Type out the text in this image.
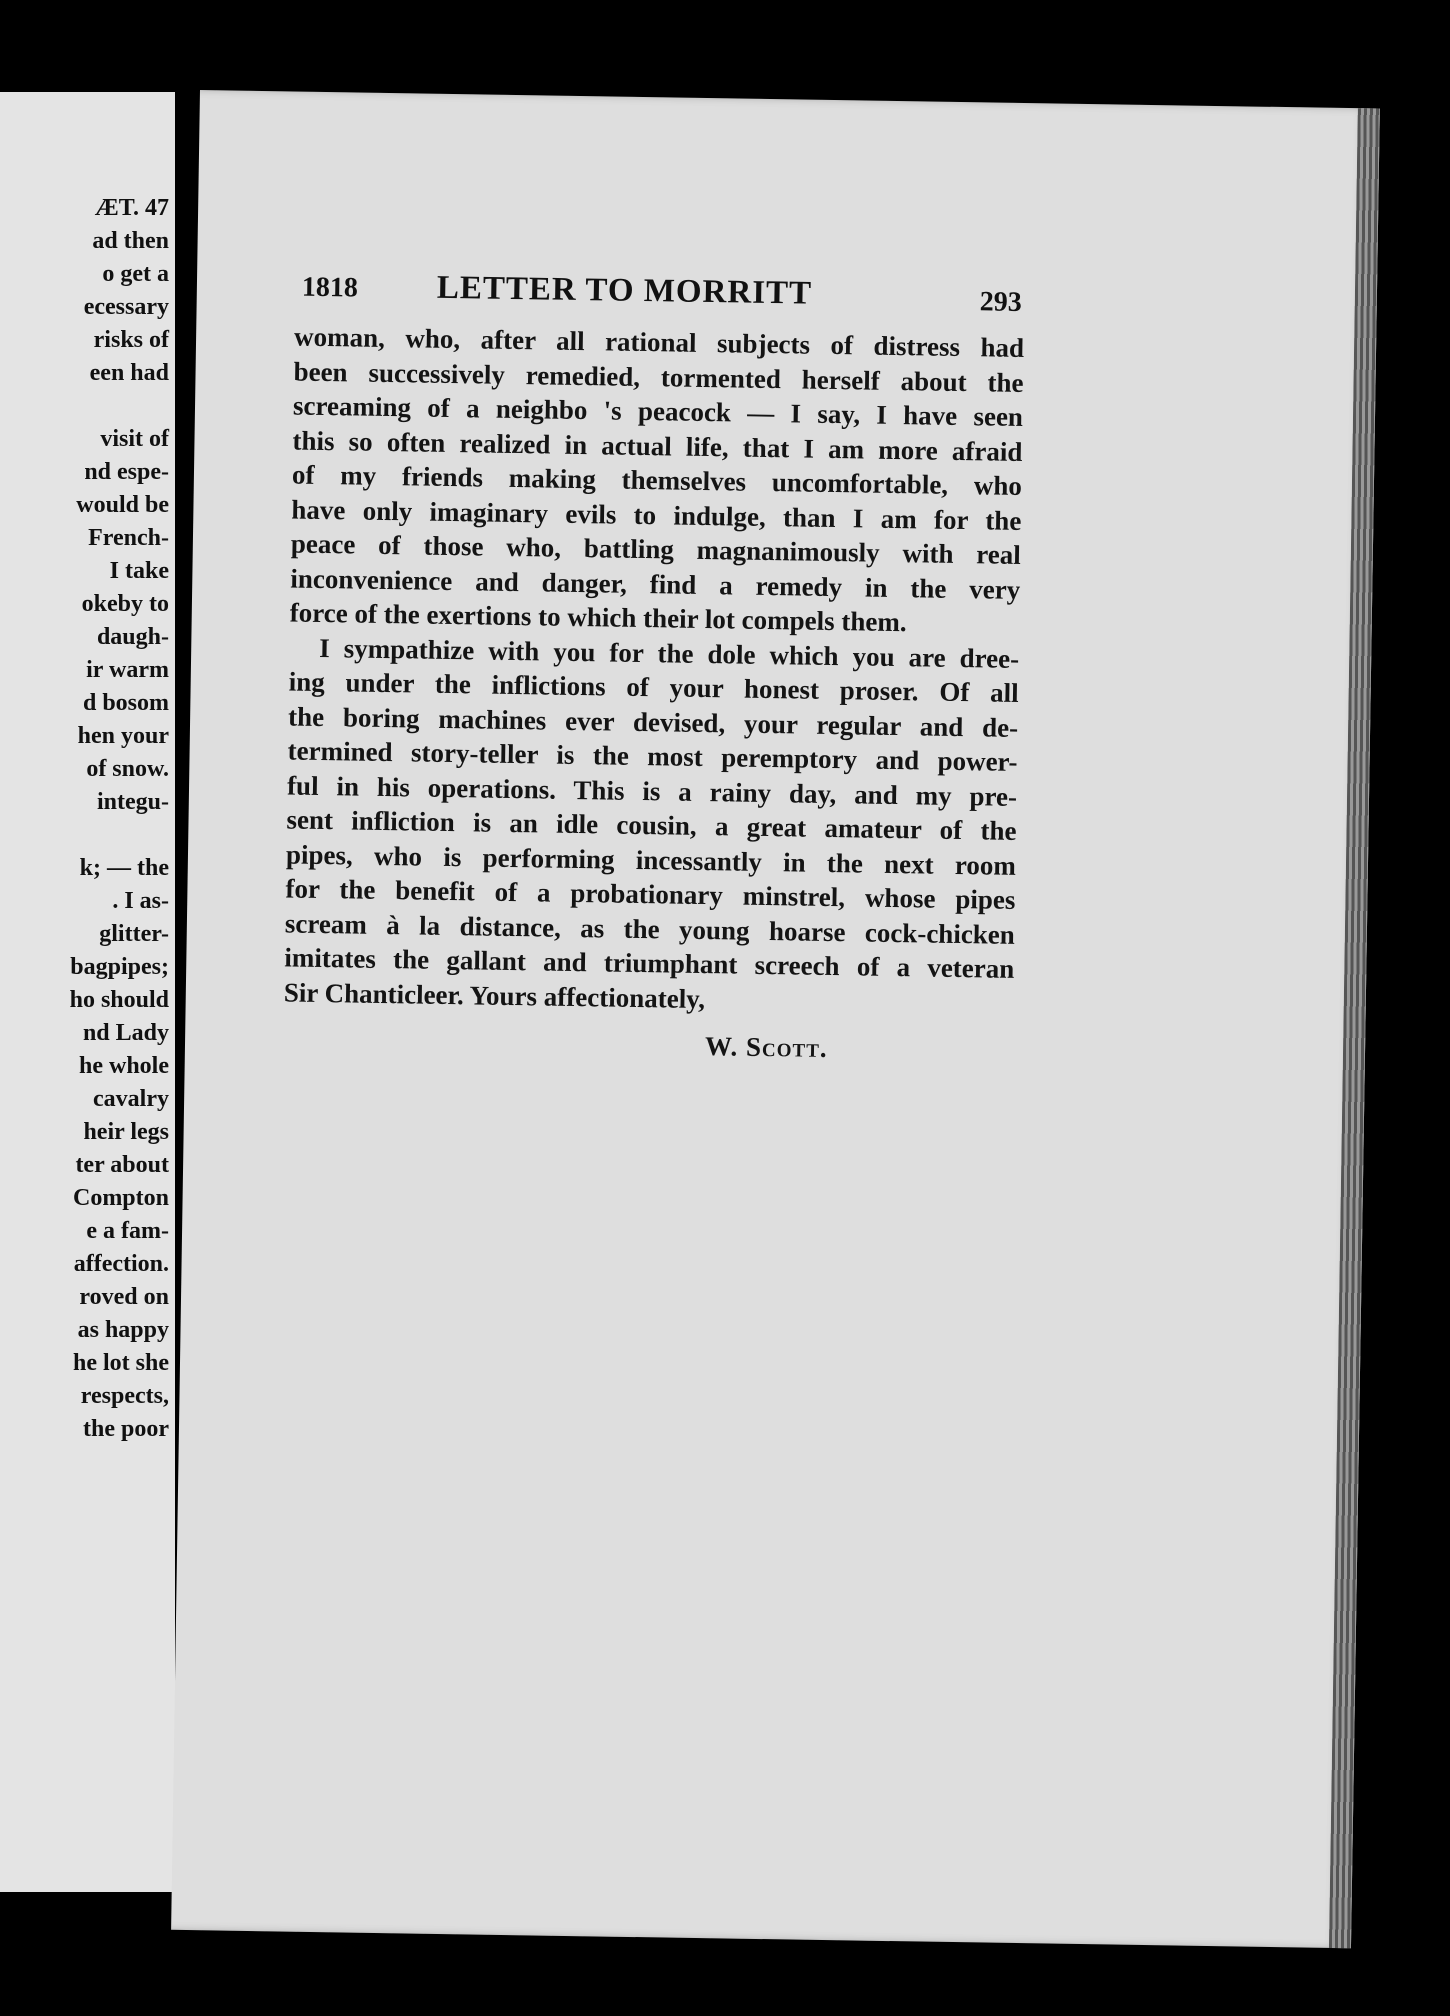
ÆT. 47
ad then
o get a
ecessary
risks of
een had
visit of
nd espe-
would be
French-
I take
okeby to
daugh-
ir warm
d bosom
hen your
of snow.
integu-
k; — the
. I as-
glitter-
bagpipes;
ho should
nd Lady
he whole
cavalry
heir legs
ter about
Compton
e a fam-
affection.
roved on
as happy
he lot she
respects,
the poor
1818 LETTER TO MORRITT	293
woman, who, after all rational subjects of distress had
been successively remedied, tormented herself about the
screaming of a neighbo 's peacock — I say, I have seen
this so often realized in actual life, that I am more afraid
of my friends making themselves uncomfortable, who
have only imaginary evils to indulge, than I am for the
peace of those who, battling magnanimously with real
inconvenience and danger, find a remedy in the very
force of the exertions to which their lot compels them.
I sympathize with you for the dole which you are dree-
ing under the inflictions of your honest proser. Of all
the boring machines ever devised, your regular and de-
termined story-teller is the most peremptory and power-
ful in his operations. This is a rainy day, and my pre-
sent infliction is an idle cousin, a great amateur of the
pipes, who is performing incessantly in the next room
for the benefit of a probationary minstrel, whose pipes
scream à la distance, as the young hoarse cock-chicken
imitates the gallant and triumphant screech of a veteran
Sir Chanticleer. Yours affectionately,
W. Scott.
